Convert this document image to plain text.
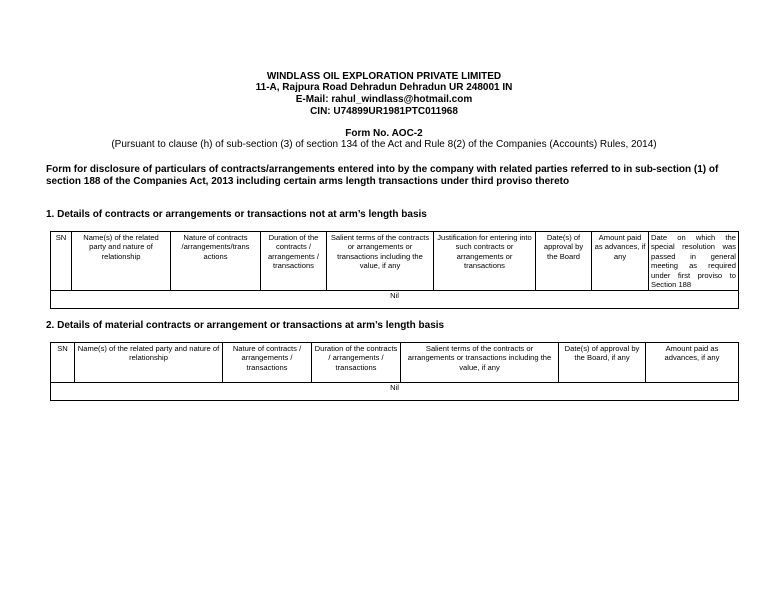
WINDLASS OIL EXPLORATION PRIVATE LIMITED
11-A, Rajpura Road Dehradun Dehradun UR 248001 IN
E-Mail: rahul_windlass@hotmail.com
CIN: U74899UR1981PTC011968
Form No. AOC-2
(Pursuant to clause (h) of sub-section (3) of section 134 of the Act and Rule 8(2) of the Companies (Accounts) Rules, 2014)
Form for disclosure of particulars of contracts/arrangements entered into by the company with related parties referred to in sub-section (1) of section 188 of the Companies Act, 2013 including certain arms length transactions under third proviso thereto
1. Details of contracts or arrangements or transactions not at arm’s length basis
SN	Name(s) of the related party and nature of relationship	Nature of contracts /arrangements/trans actions	Duration of the contracts / arrangements / transactions	Salient terms of the contracts or arrangements or transactions including the value, if any	Justification for entering into such contracts or arrangements or transactions	Date(s) of approval by the Board	Amount paid as advances, if any	Date on which the special resolution was passed in general meeting as required under first proviso to Section 188
Nil
2. Details of material contracts or arrangement or transactions at arm’s length basis
SN	Name(s) of the related party and nature of relationship	Nature of contracts / arrangements / transactions	Duration of the contracts / arrangements / transactions	Salient terms of the contracts or arrangements or transactions including the value, if any	Date(s) of approval by the Board, if any	Amount paid as advances, if any
Nil
